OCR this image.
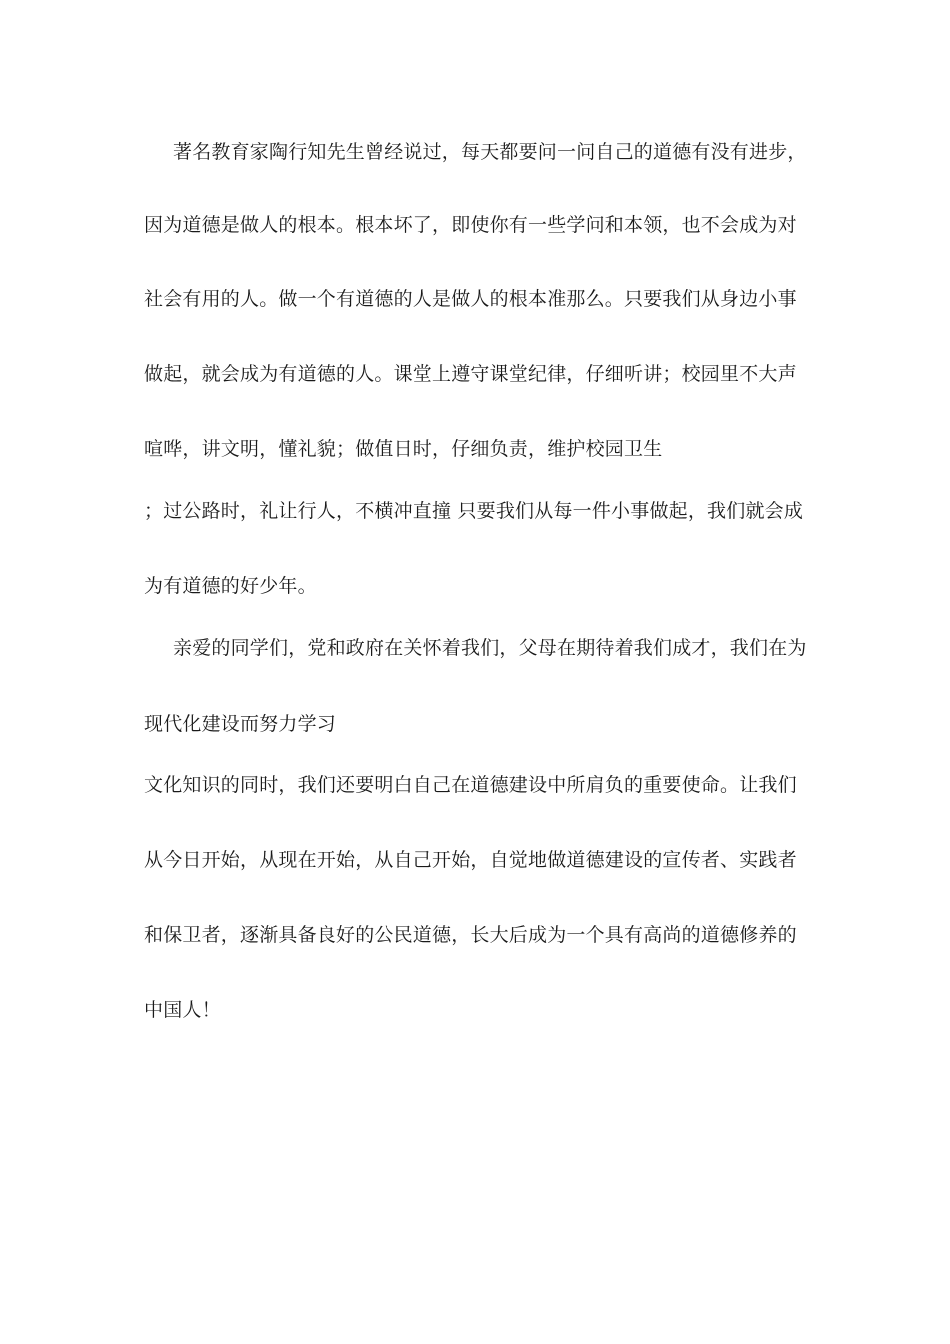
著名教育家陶行知先生曾经说过，每天都要问一问自己的道德有没有进步，
因为道德是做人的根本。根本坏了，即使你有一些学问和本领，也不会成为对
社会有用的人。做一个有道德的人是做人的根本准那么。只要我们从身边小事
做起，就会成为有道德的人。课堂上遵守课堂纪律，仔细听讲；校园里不大声
喧哗，讲文明，懂礼貌；做值日时，仔细负责，维护校园卫生
；过公路时，礼让行人，不横冲直撞 只要我们从每一件小事做起，我们就会成
为有道德的好少年。
亲爱的同学们，党和政府在关怀着我们，父母在期待着我们成才，我们在为
现代化建设而努力学习
文化知识的同时，我们还要明白自己在道德建设中所肩负的重要使命。让我们
从今日开始，从现在开始，从自己开始，自觉地做道德建设的宣传者、实践者
和保卫者，逐渐具备良好的公民道德，长大后成为一个具有高尚的道德修养的
中国人！
